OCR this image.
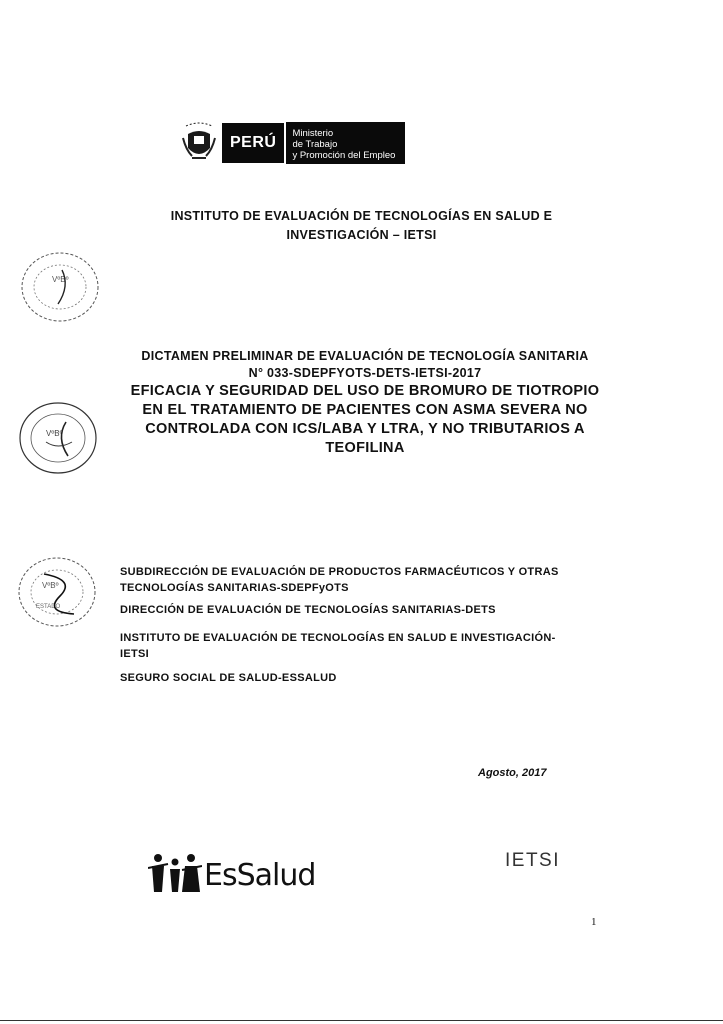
PERÚ
Ministerio
de Trabajo
y Promoción del Empleo
INSTITUTO DE EVALUACIÓN DE TECNOLOGÍAS EN SALUD E
INVESTIGACIÓN – IETSI
VºBº
VºBº
VºBº
ESTADO
DICTAMEN PRELIMINAR DE EVALUACIÓN DE TECNOLOGÍA SANITARIA
N° 033-SDEPFYOTS-DETS-IETSI-2017
EFICACIA Y SEGURIDAD DEL USO DE BROMURO DE TIOTROPIO
EN EL TRATAMIENTO DE PACIENTES CON ASMA SEVERA NO
CONTROLADA CON ICS/LABA Y LTRA, Y NO TRIBUTARIOS A
TEOFILINA
SUBDIRECCIÓN DE EVALUACIÓN DE PRODUCTOS FARMACÉUTICOS Y OTRAS
TECNOLOGÍAS SANITARIAS-SDEPFyOTS
DIRECCIÓN DE EVALUACIÓN DE TECNOLOGÍAS SANITARIAS-DETS
INSTITUTO DE EVALUACIÓN DE TECNOLOGÍAS EN SALUD E INVESTIGACIÓN-
IETSI
SEGURO SOCIAL DE SALUD-ESSALUD
Agosto, 2017
EsSalud	IETSI
1
